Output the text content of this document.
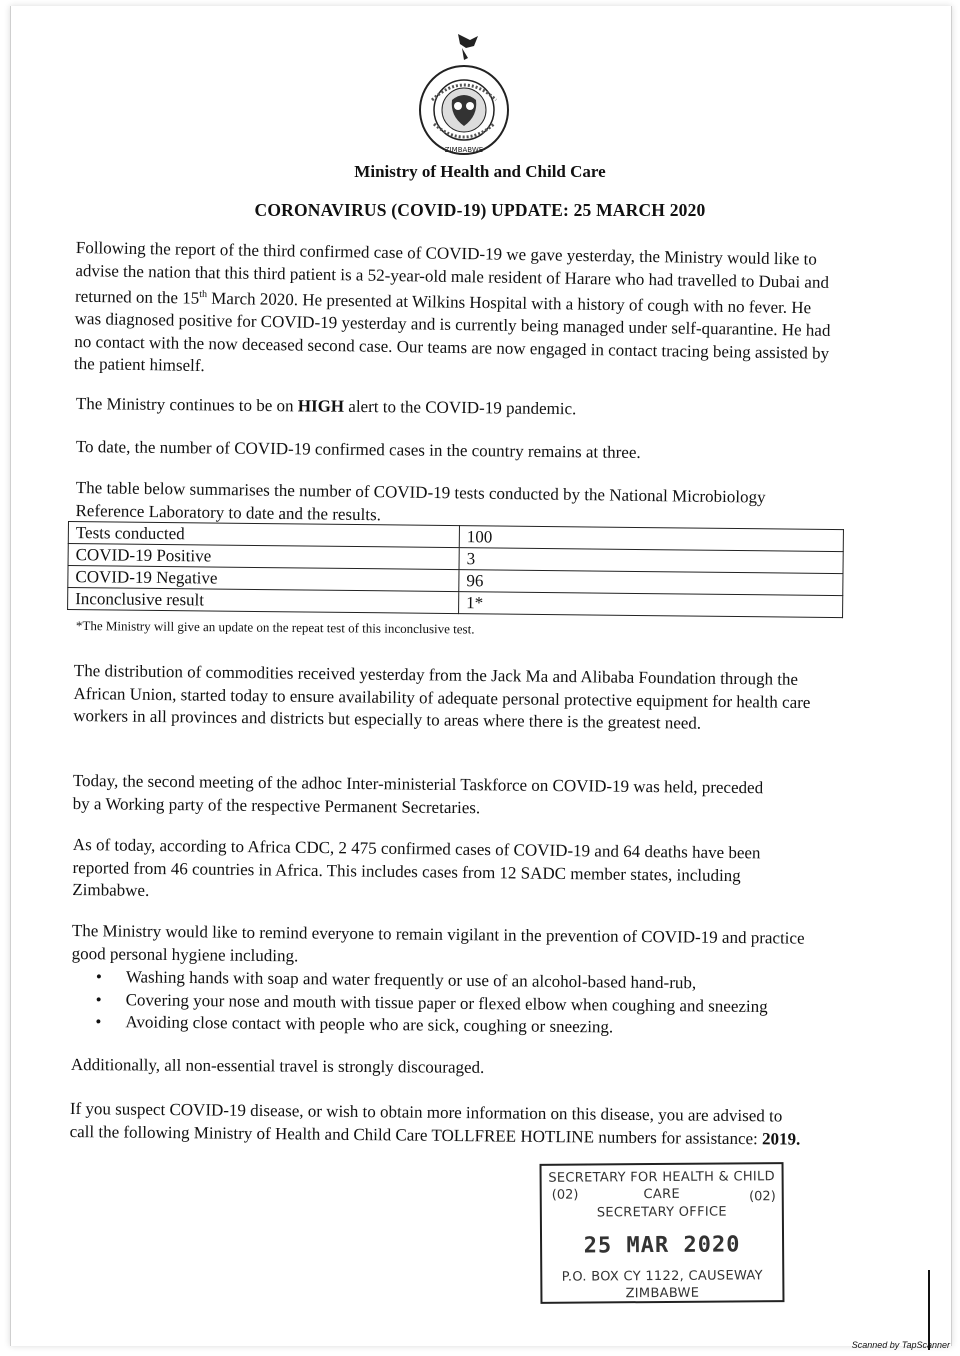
ZIMBABWE
Ministry of Health and Child Care
CORONAVIRUS (COVID-19) UPDATE: 25 MARCH 2020

Following the report of the third confirmed case of COVID-19 we gave yesterday, the Ministry would like to advise the nation that this third patient is a 52-year-old male resident of Harare who had travelled to Dubai and returned on the 15th March 2020. He presented at Wilkins Hospital with a history of cough with no fever. He was diagnosed positive for COVID-19 yesterday and is currently being managed under self-quarantine. He had no contact with the now deceased second case. Our teams are now engaged in contact tracing being assisted by the patient himself.

The Ministry continues to be on HIGH alert to the COVID-19 pandemic.

To date, the number of COVID-19 confirmed cases in the country remains at three.

The table below summarises the number of COVID-19 tests conducted by the National Microbiology Reference Laboratory to date and the results.

Tests conducted	100
COVID-19 Positive	3
COVID-19 Negative	96
Inconclusive result	1*
*The Ministry will give an update on the repeat test of this inconclusive test.

The distribution of commodities received yesterday from the Jack Ma and Alibaba Foundation through the African Union, started today to ensure availability of adequate personal protective equipment for health care workers in all provinces and districts but especially to areas where there is the greatest need.

Today, the second meeting of the adhoc Inter-ministerial Taskforce on COVID-19 was held, preceded by a Working party of the respective Permanent Secretaries.

As of today, according to Africa CDC, 2 475 confirmed cases of COVID-19 and 64 deaths have been reported from 46 countries in Africa. This includes cases from 12 SADC member states, including Zimbabwe.

The Ministry would like to remind everyone to remain vigilant in the prevention of COVID-19 and practice good personal hygiene including.

•	Washing hands with soap and water frequently or use of an alcohol-based hand-rub,
•	Covering your nose and mouth with tissue paper or flexed elbow when coughing and sneezing
•	Avoiding close contact with people who are sick, coughing or sneezing.
Additionally, all non-essential travel is strongly discouraged.

If you suspect COVID-19 disease, or wish to obtain more information on this disease, you are advised to call the following Ministry of Health and Child Care TOLLFREE HOTLINE numbers for assistance: 2019.

SECRETARY FOR HEALTH & CHILD
(02)	CARE	(02)
SECRETARY OFFICE
25 MAR 2020
P.O. BOX CY 1122, CAUSEWAY
ZIMBABWE
Scanned by TapScanner
